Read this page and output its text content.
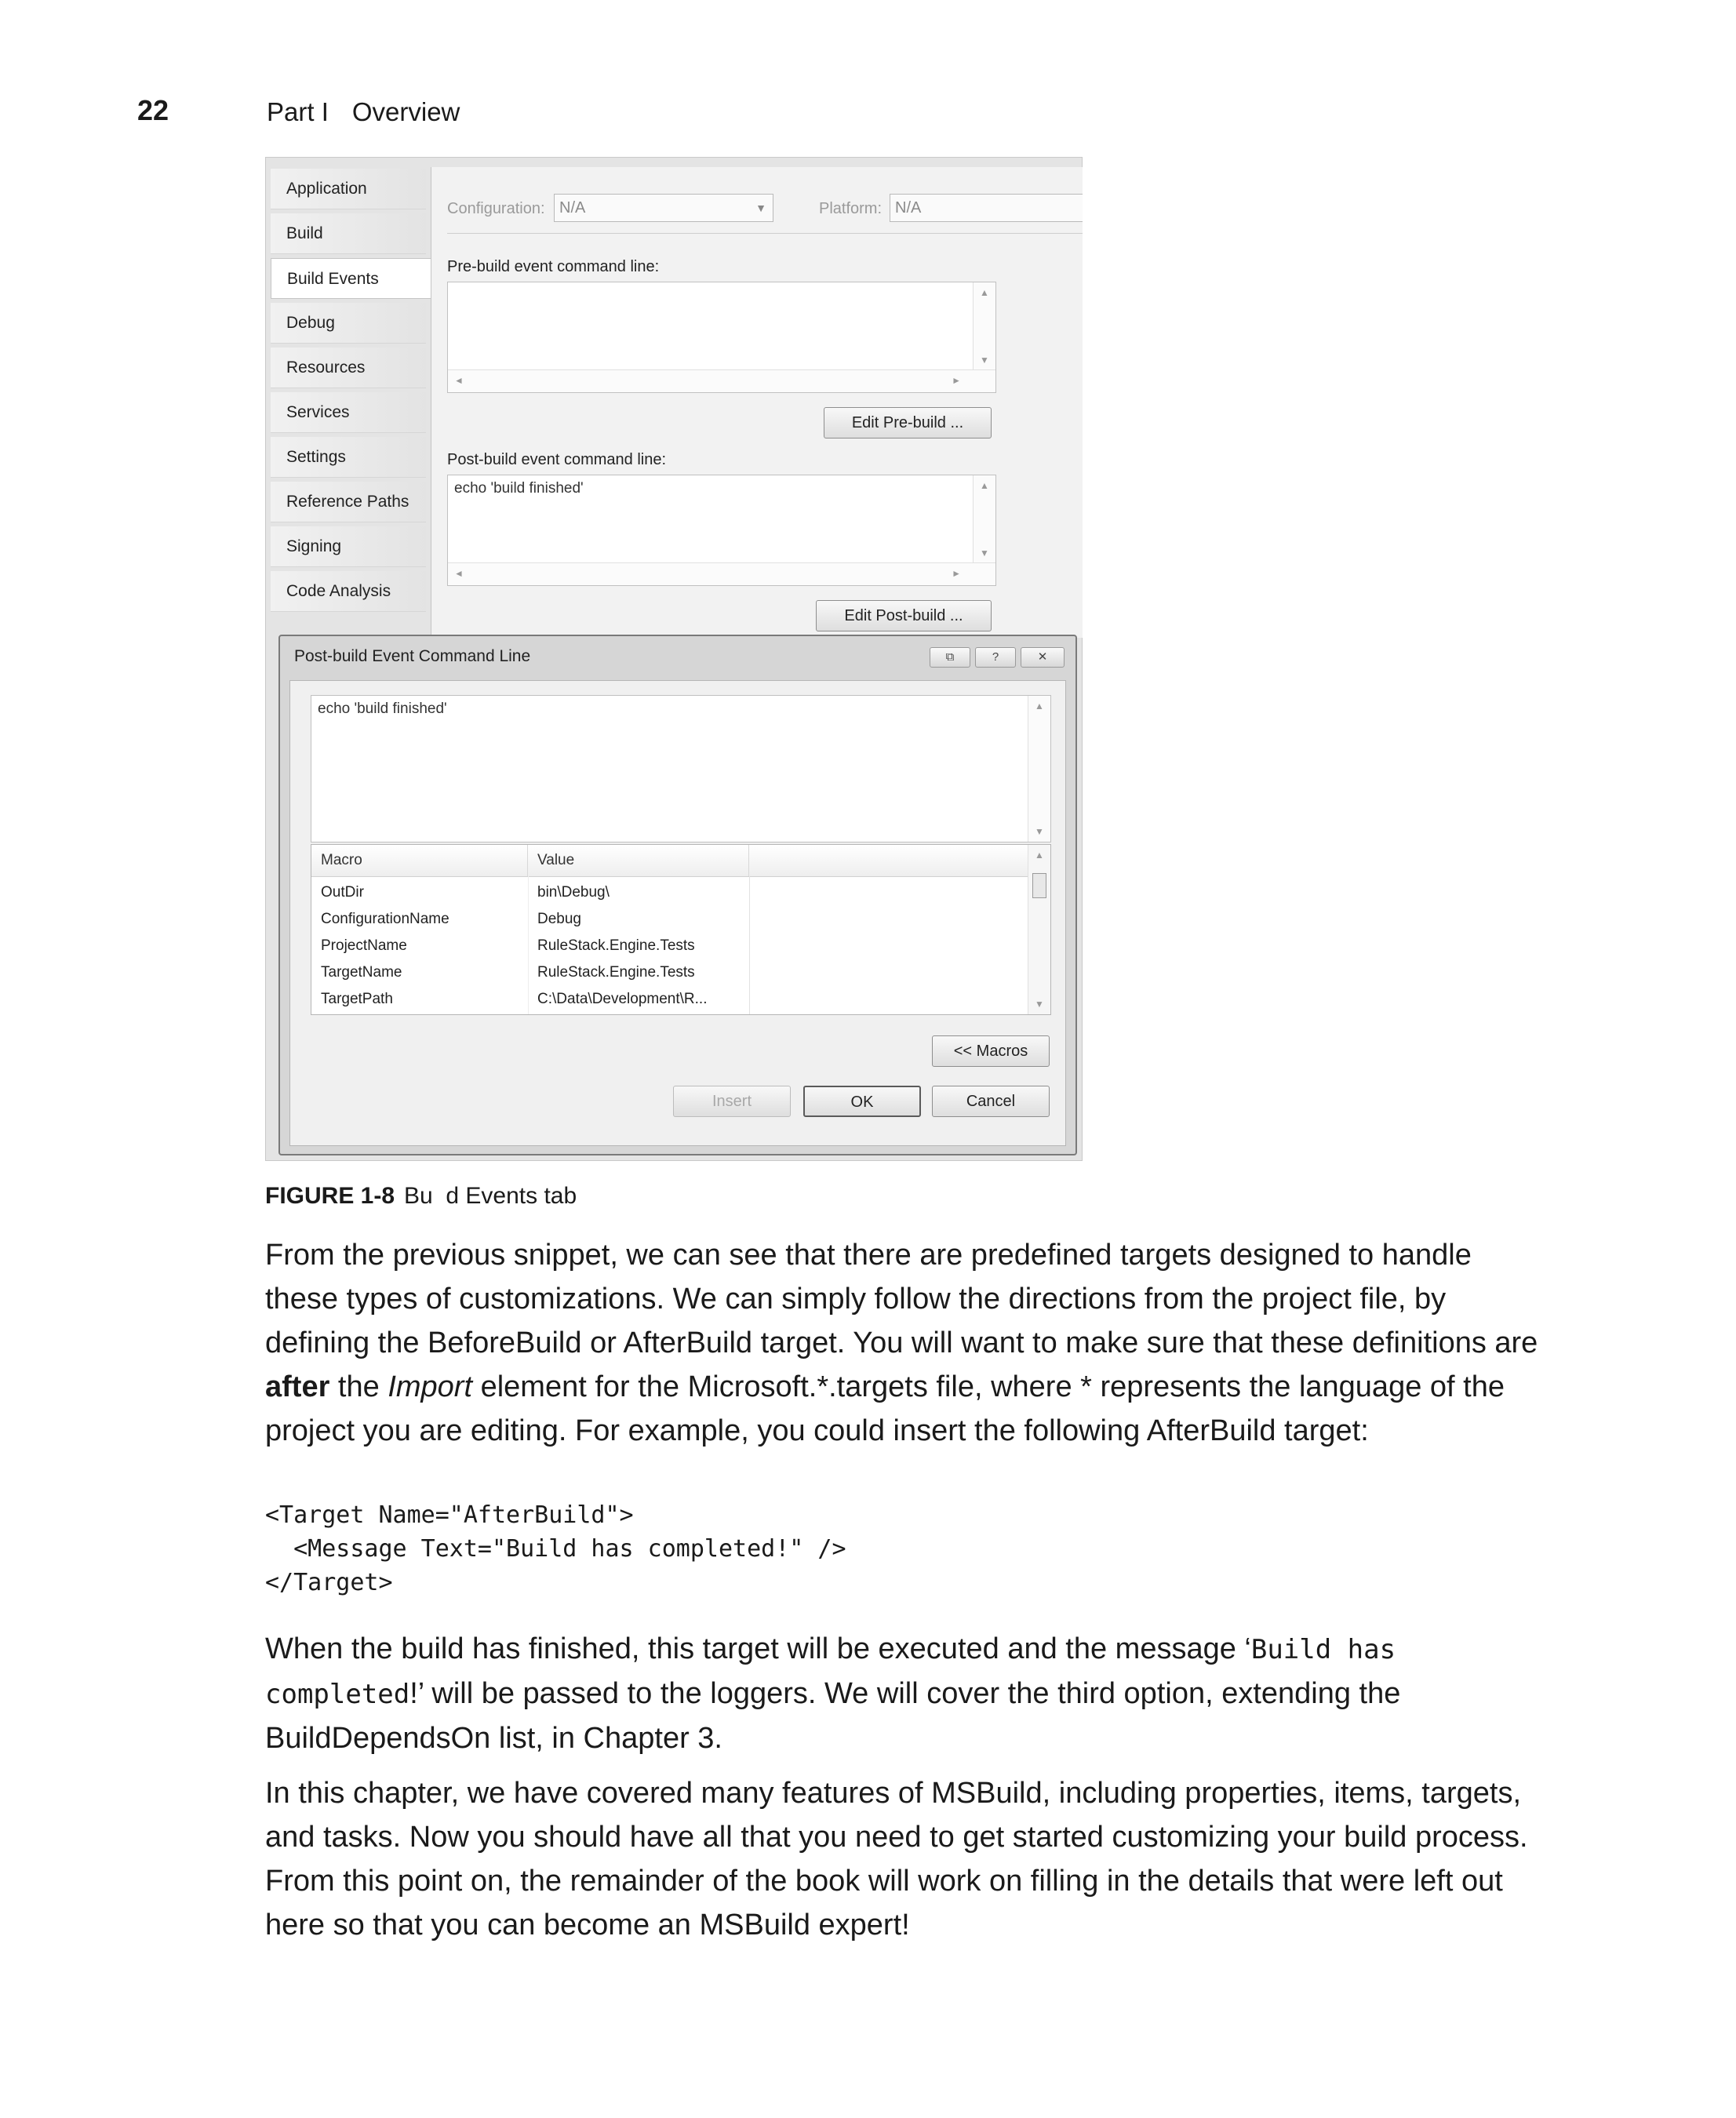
22	Part I Overview
Application
Build
Build Events
Debug
Resources
Services
Settings
Reference Paths
Signing
Code Analysis
Configuration: N/A	▼	Platform: N/A
Pre-build event command line:
▲
▼
◄	►
Edit Pre-build ...
Post-build event command line:
echo 'build finished'	▲
▼
◄	►
Edit Post-build ...
Post-build Event Command Line	⧉	?	✕
echo 'build finished'	▲
▼
Macro	Value
OutDir	bin\Debug\
ConfigurationName	Debug
ProjectName	RuleStack.Engine.Tests
TargetName	RuleStack.Engine.Tests
TargetPath	C:\Data\Development\R...
▲
▼
<< Macros
Insert	OK	Cancel
FIGURE 1-8 Bu  d Events tab
From the previous snippet, we can see that there are predefined targets designed to handle these types of customizations. We can simply follow the directions from the project file, by defining the BeforeBuild or AfterBuild target. You will want to make sure that these definitions are after the Import element for the Microsoft.*.targets file, where * represents the language of the project you are editing. For example, you could insert the following AfterBuild target:
<Target Name="AfterBuild">
<Message Text="Build has completed!" />
</Target>
When the build has finished, this target will be executed and the message ‘Build has completed!’ will be passed to the loggers. We will cover the third option, extending the BuildDependsOn list, in Chapter 3.
In this chapter, we have covered many features of MSBuild, including properties, items, targets, and tasks. Now you should have all that you need to get started customizing your build process. From this point on, the remainder of the book will work on filling in the details that were left out here so that you can become an MSBuild expert!
